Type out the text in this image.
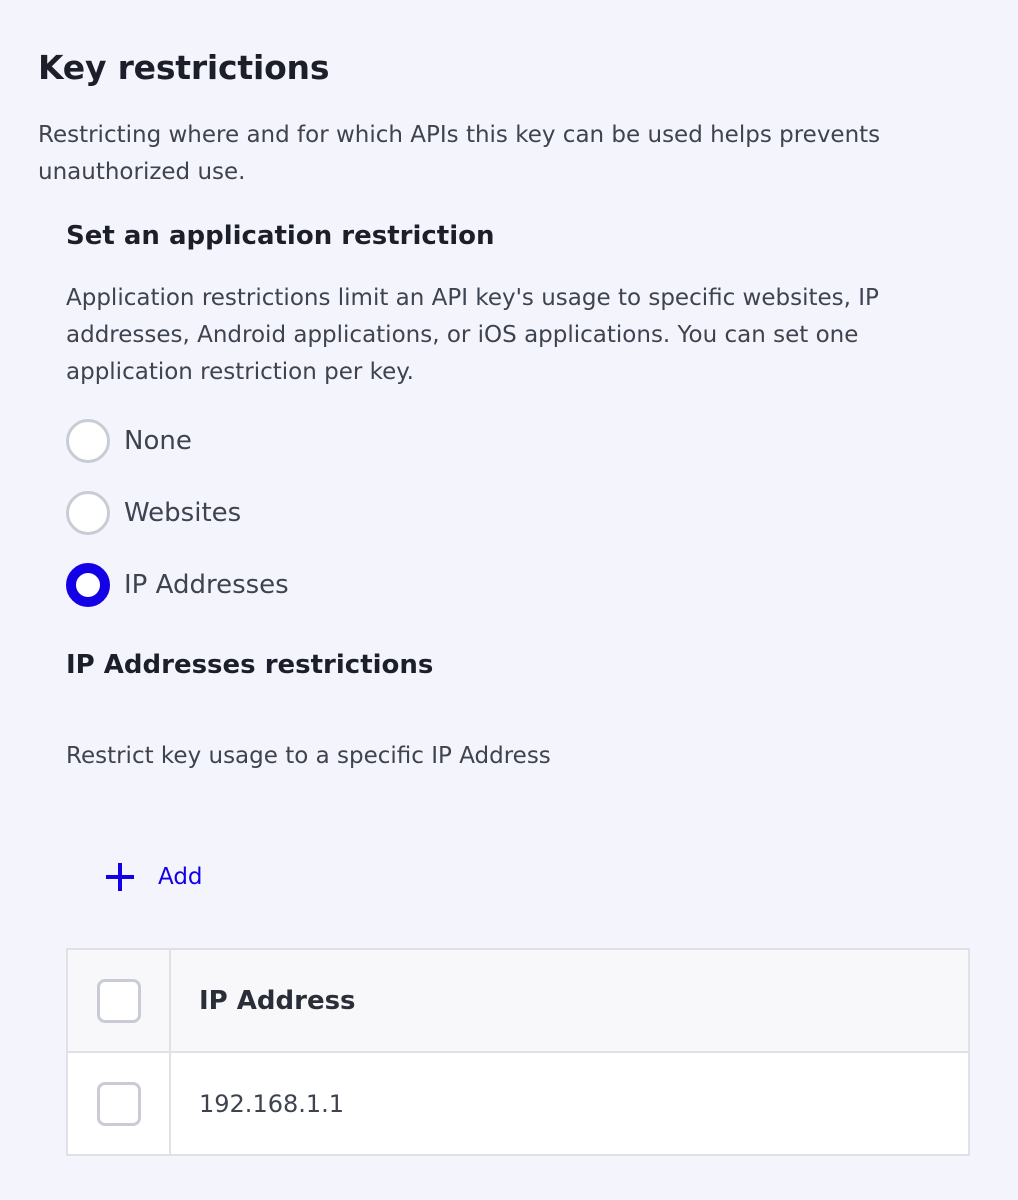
Key restrictions

Restricting where and for which APIs this key can be used helps prevents unauthorized use.

Set an application restriction

Application restrictions limit an API key's usage to specific websites, IP addresses, Android applications, or iOS applications. You can set one application restriction per key.

None
Websites
IP Addresses
IP Addresses restrictions

Restrict key usage to a specific IP Address

Add
IP Address
192.168.1.1
